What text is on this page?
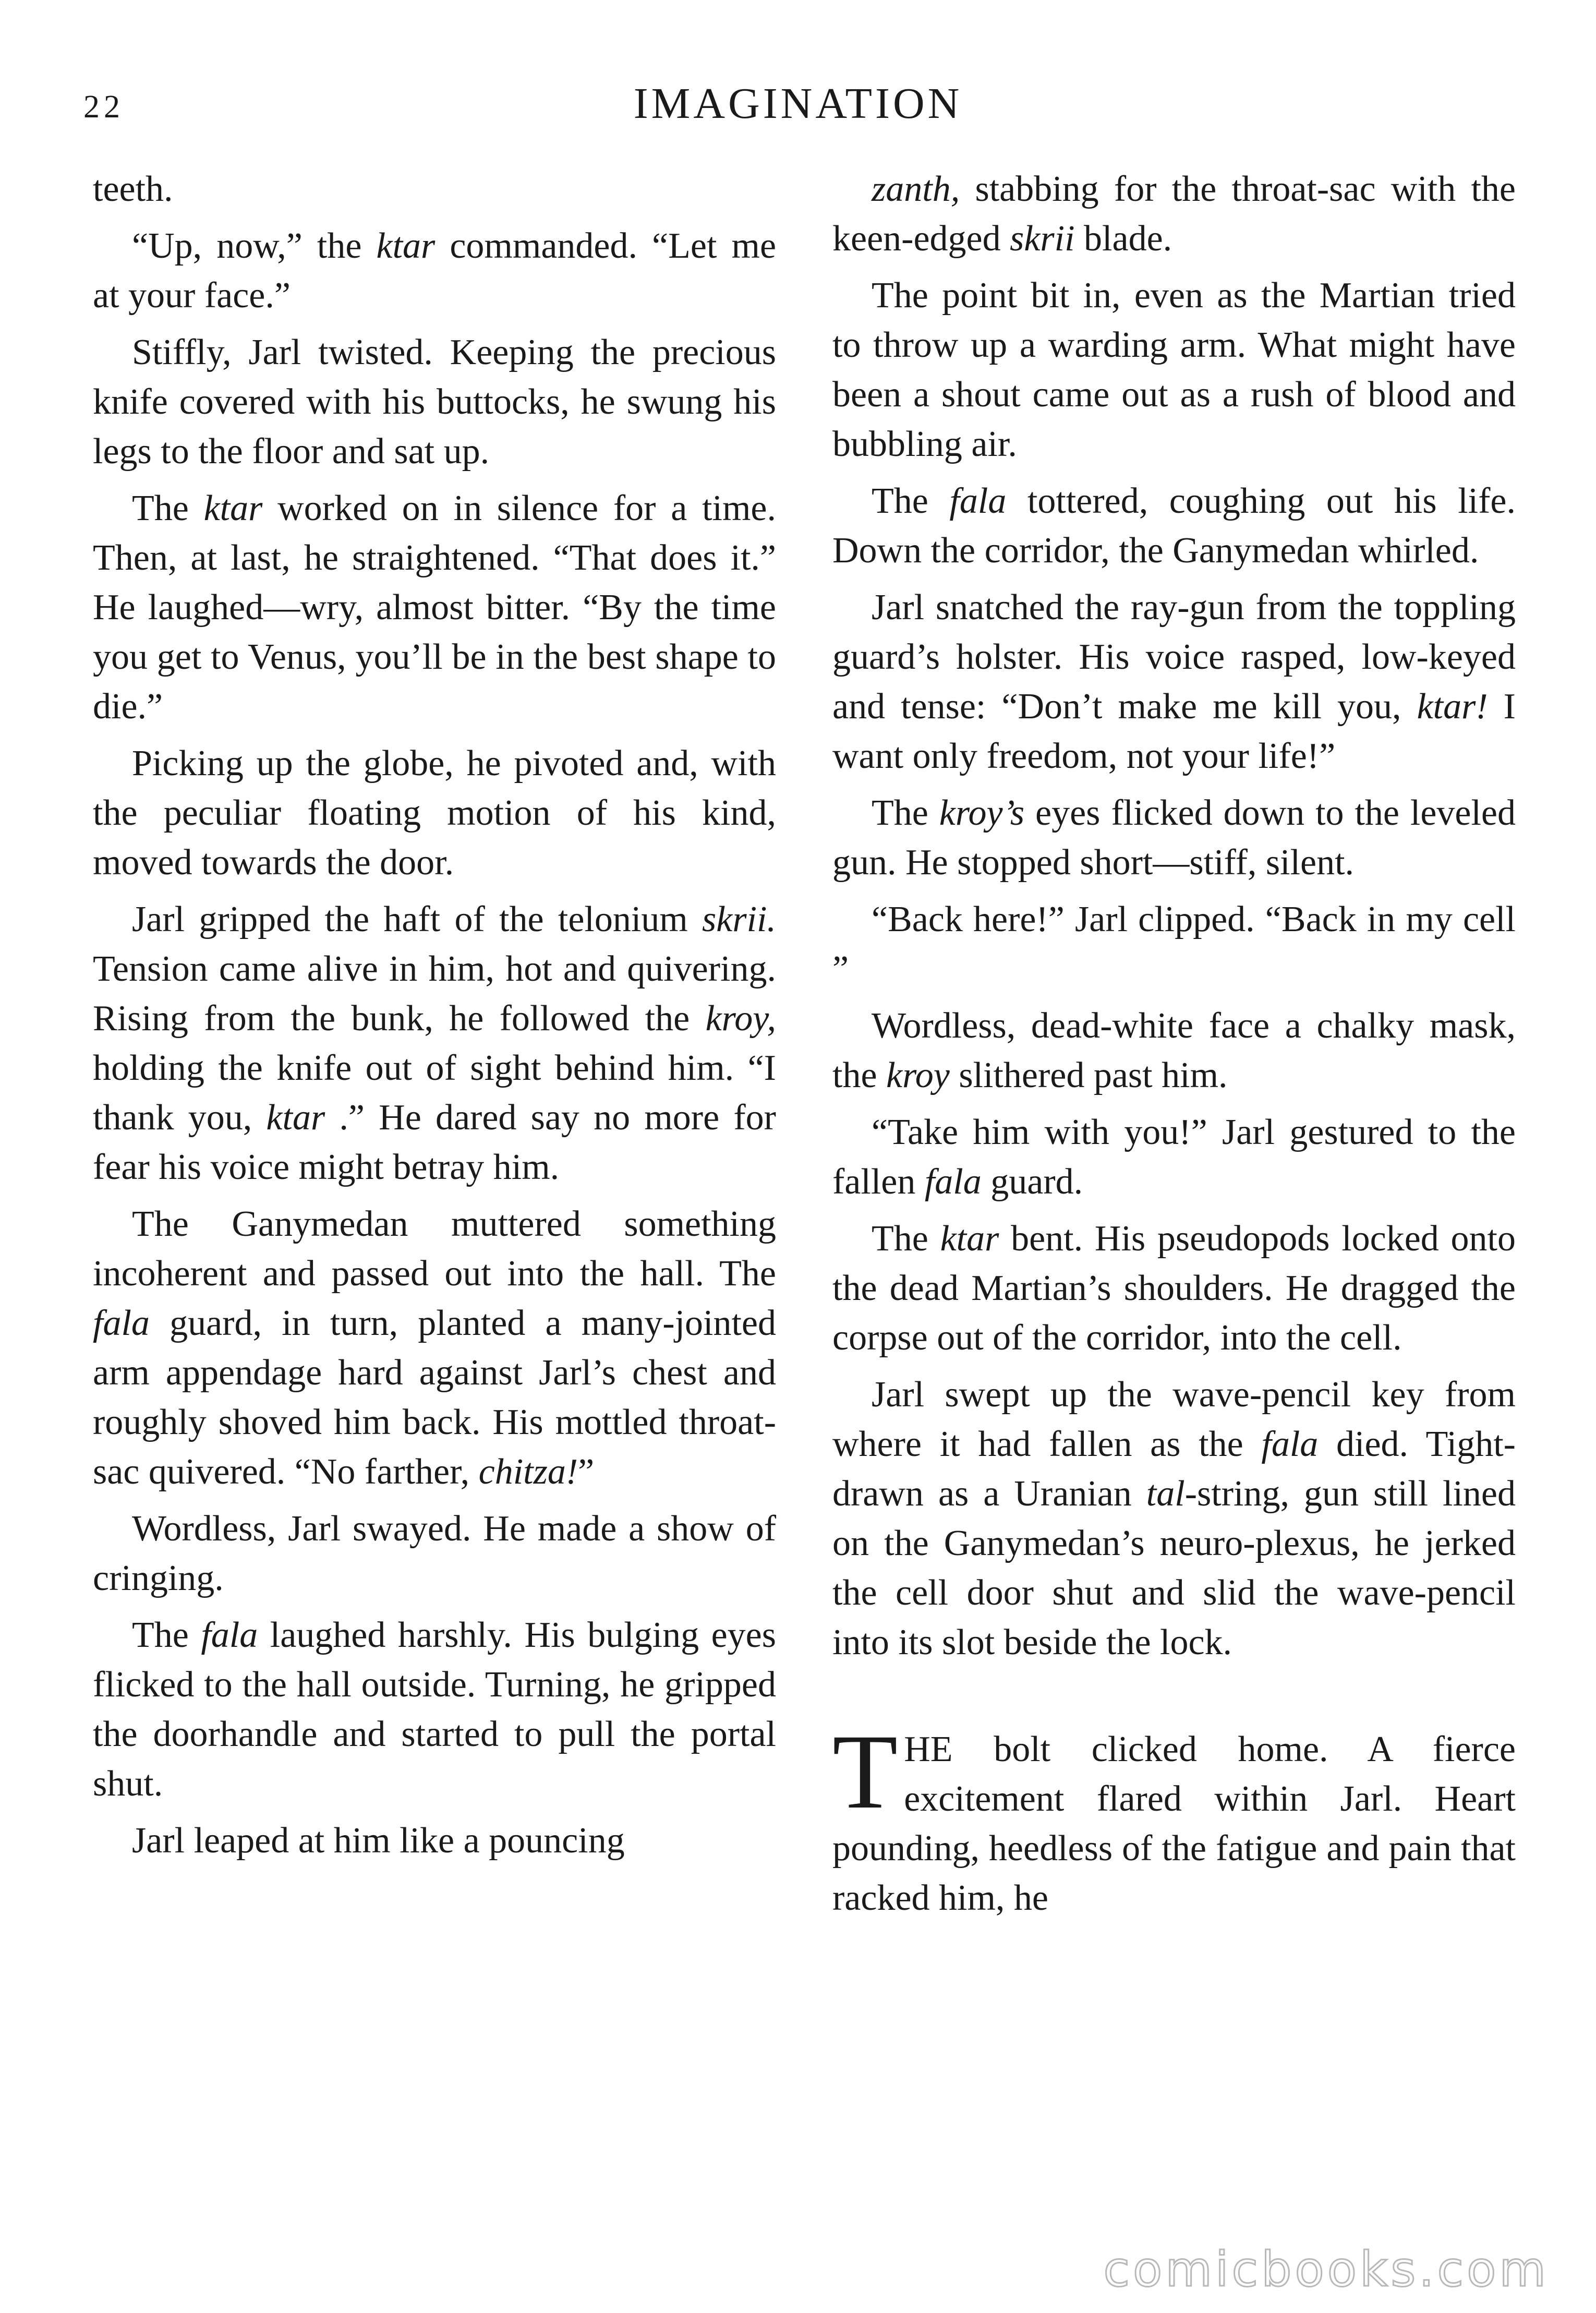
22	IMAGINATION

teeth.

“Up, now,” the ktar commanded. “Let me at your face.”

Stiffly, Jarl twisted. Keeping the precious knife covered with his buttocks, he swung his legs to the floor and sat up.

The ktar worked on in silence for a time. Then, at last, he straightened. “That does it.” He laughed—wry, almost bitter. “By the time you get to Venus, you’ll be in the best shape to die.”

Picking up the globe, he pivoted and, with the peculiar floating motion of his kind, moved towards the door.

Jarl gripped the haft of the telonium skrii. Tension came alive in him, hot and quivering. Rising from the bunk, he followed the kroy, holding the knife out of sight behind him. “I thank you, ktar .” He dared say no more for fear his voice might betray him.

The Ganymedan muttered something incoherent and passed out into the hall. The fala guard, in turn, planted a many-jointed arm appendage hard against Jarl’s chest and roughly shoved him back. His mottled throat-sac quivered. “No farther, chitza!”

Wordless, Jarl swayed. He made a show of cringing.

The fala laughed harshly. His bulging eyes flicked to the hall outside. Turning, he gripped the doorhandle and started to pull the portal shut.

Jarl leaped at him like a pouncing

zanth, stabbing for the throat-sac with the keen-edged skrii blade.

The point bit in, even as the Martian tried to throw up a warding arm. What might have been a shout came out as a rush of blood and bubbling air.

The fala tottered, coughing out his life. Down the corridor, the Ganymedan whirled.

Jarl snatched the ray-gun from the toppling guard’s holster. His voice rasped, low-keyed and tense: “Don’t make me kill you, ktar! I want only freedom, not your life!”

The kroy’s eyes flicked down to the leveled gun. He stopped short—stiff, silent.

“Back here!” Jarl clipped. “Back in my cell ”

Wordless, dead-white face a chalky mask, the kroy slithered past him.

“Take him with you!” Jarl gestured to the fallen fala guard.

The ktar bent. His pseudopods locked onto the dead Martian’s shoulders. He dragged the corpse out of the corridor, into the cell.

Jarl swept up the wave-pencil key from where it had fallen as the fala died. Tight-drawn as a Uranian tal-string, gun still lined on the Ganymedan’s neuro-plexus, he jerked the cell door shut and slid the wave-pencil into its slot beside the lock.

THE bolt clicked home. A fierce excitement flared within Jarl. Heart pounding, heedless of the fatigue and pain that racked him, he

comicbooks.com
